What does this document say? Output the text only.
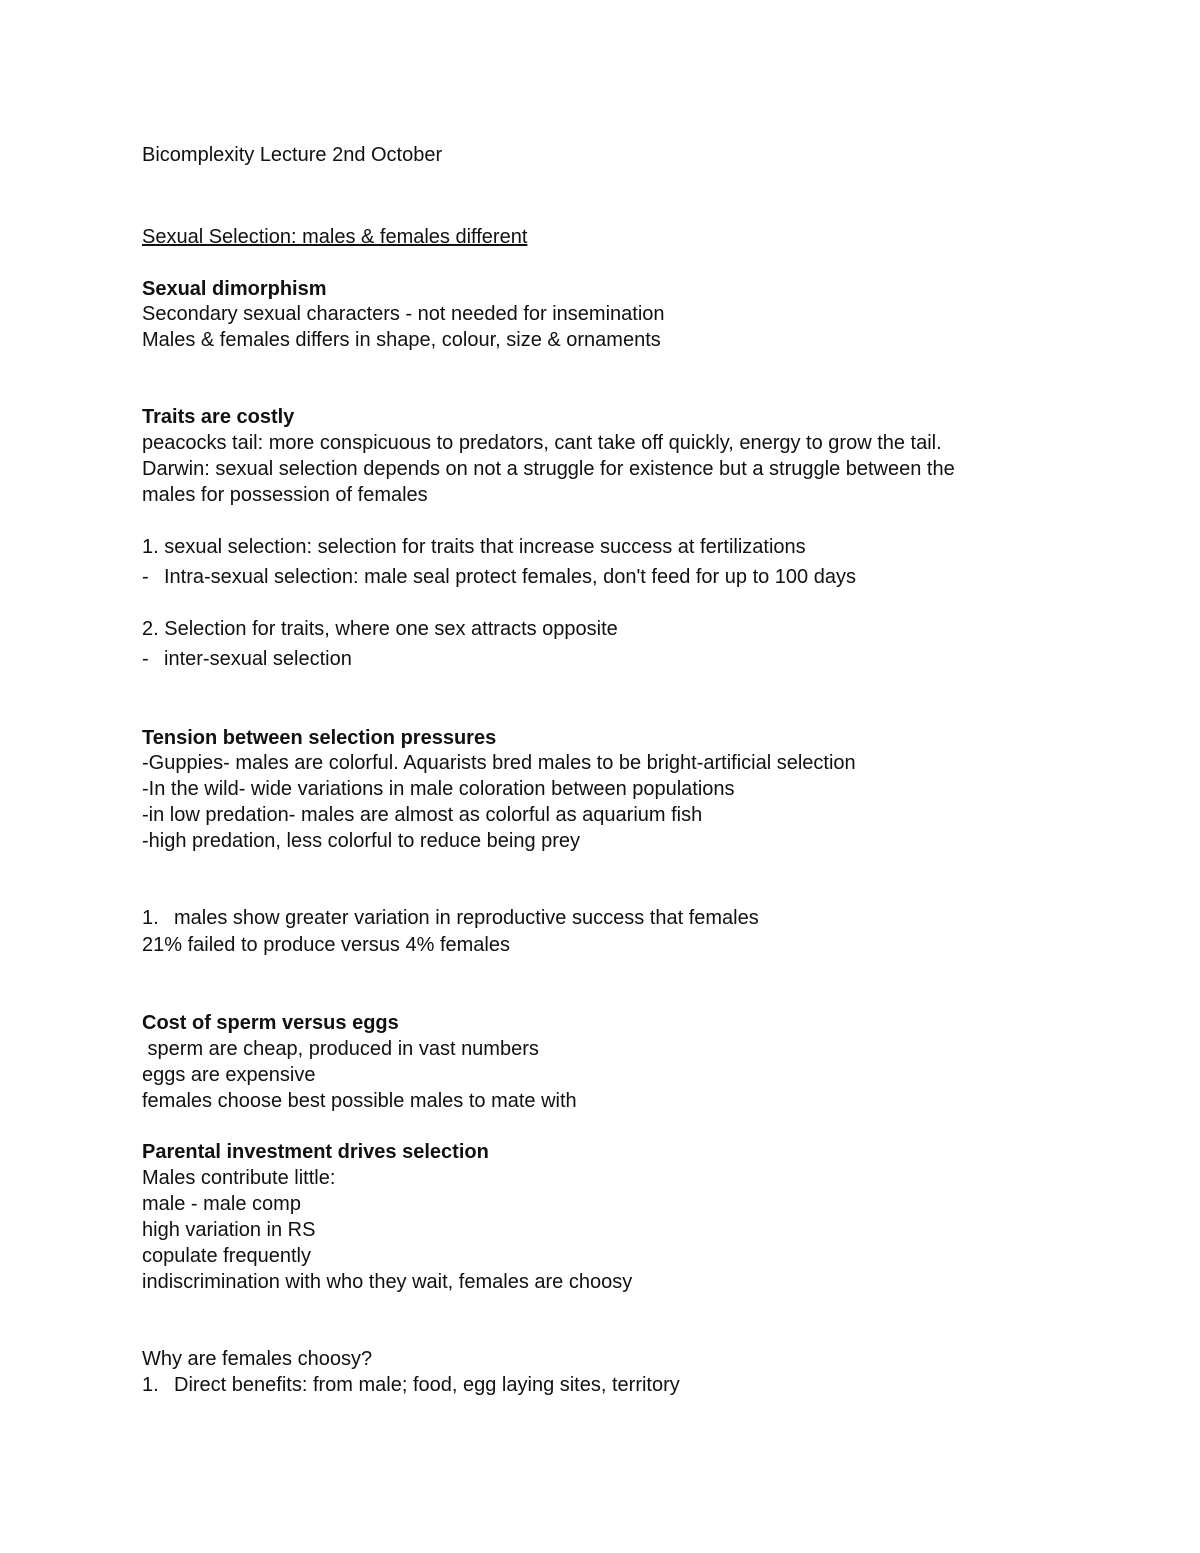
Bicomplexity Lecture 2nd October
Sexual Selection: males & females different
Sexual dimorphism
Secondary sexual characters - not needed for insemination
Males & females differs in shape, colour, size & ornaments
Traits are costly
peacocks tail: more conspicuous to predators, cant take off quickly, energy to grow the tail.
Darwin: sexual selection depends on not a struggle for existence but a struggle between the
males for possession of females
1. sexual selection: selection for traits that increase success at fertilizations
- Intra-sexual selection: male seal protect females, don't feed for up to 100 days
2. Selection for traits, where one sex attracts opposite
- inter-sexual selection
Tension between selection pressures
-Guppies- males are colorful. Aquarists bred males to be bright-artificial selection
-In the wild- wide variations in male coloration between populations
-in low predation- males are almost as colorful as aquarium fish
-high predation, less colorful to reduce being prey
1. males show greater variation in reproductive success that females
21% failed to produce versus 4% females
Cost of sperm versus eggs
sperm are cheap, produced in vast numbers
eggs are expensive
females choose best possible males to mate with
Parental investment drives selection
Males contribute little:
male - male comp
high variation in RS
copulate frequently
indiscrimination with who they wait, females are choosy
Why are females choosy?
1. Direct benefits: from male; food, egg laying sites, territory
